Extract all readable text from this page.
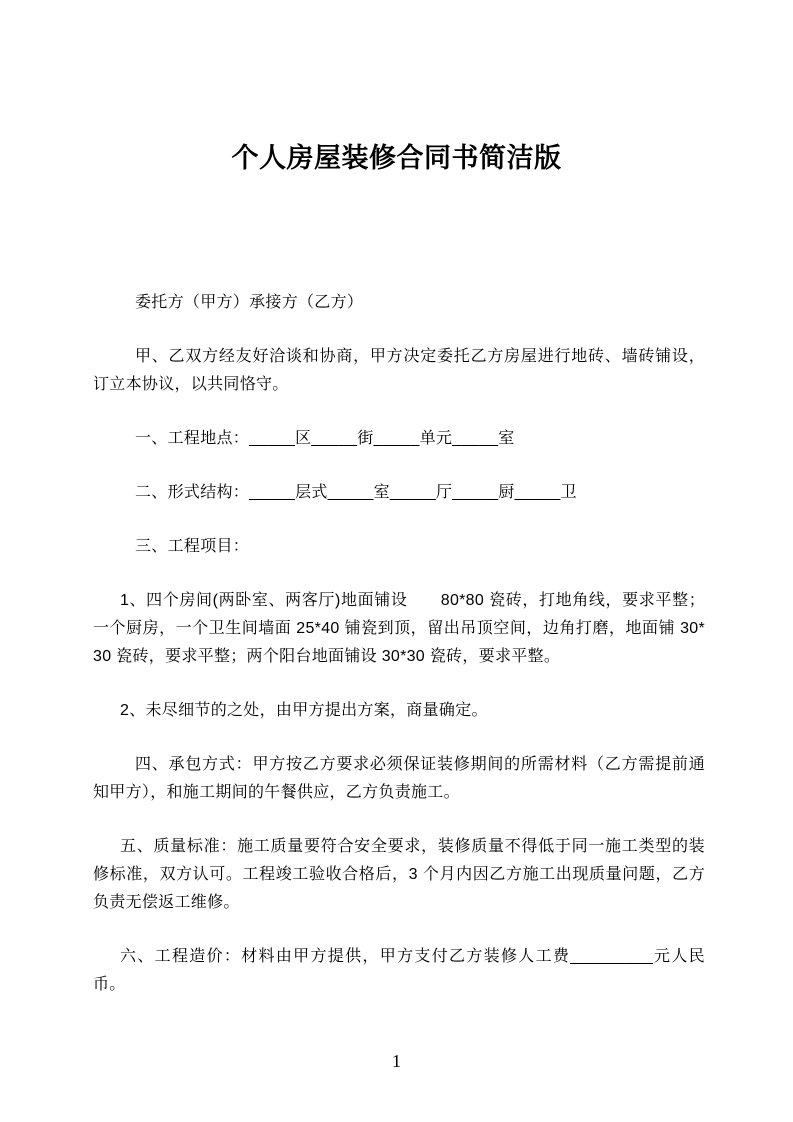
个人房屋装修合同书简洁版

委托方（甲方）承接方（乙方）

甲、乙双方经友好洽谈和协商，甲方决定委托乙方房屋进行地砖、墙砖铺设，订立本协议，以共同恪守。

一、工程地点：_____区_____街_____单元_____室

二、形式结构：_____层式_____室_____厅_____厨_____卫

三、工程项目：

1、四个房间(两卧室、两客厅)地面铺设　　80*80 瓷砖，打地角线，要求平整；一个厨房，一个卫生间墙面 25*40 铺瓷到顶，留出吊顶空间，边角打磨，地面铺 30*30 瓷砖，要求平整；两个阳台地面铺设 30*30 瓷砖，要求平整。

2、未尽细节的之处，由甲方提出方案，商量确定。

四、承包方式：甲方按乙方要求必须保证装修期间的所需材料（乙方需提前通知甲方），和施工期间的午餐供应，乙方负责施工。

五、质量标准：施工质量要符合安全要求，装修质量不得低于同一施工类型的装修标准，双方认可。工程竣工验收合格后，3 个月内因乙方施工出现质量问题，乙方负责无偿返工维修。

六、工程造价：材料由甲方提供，甲方支付乙方装修人工费_________元人民币。

1
